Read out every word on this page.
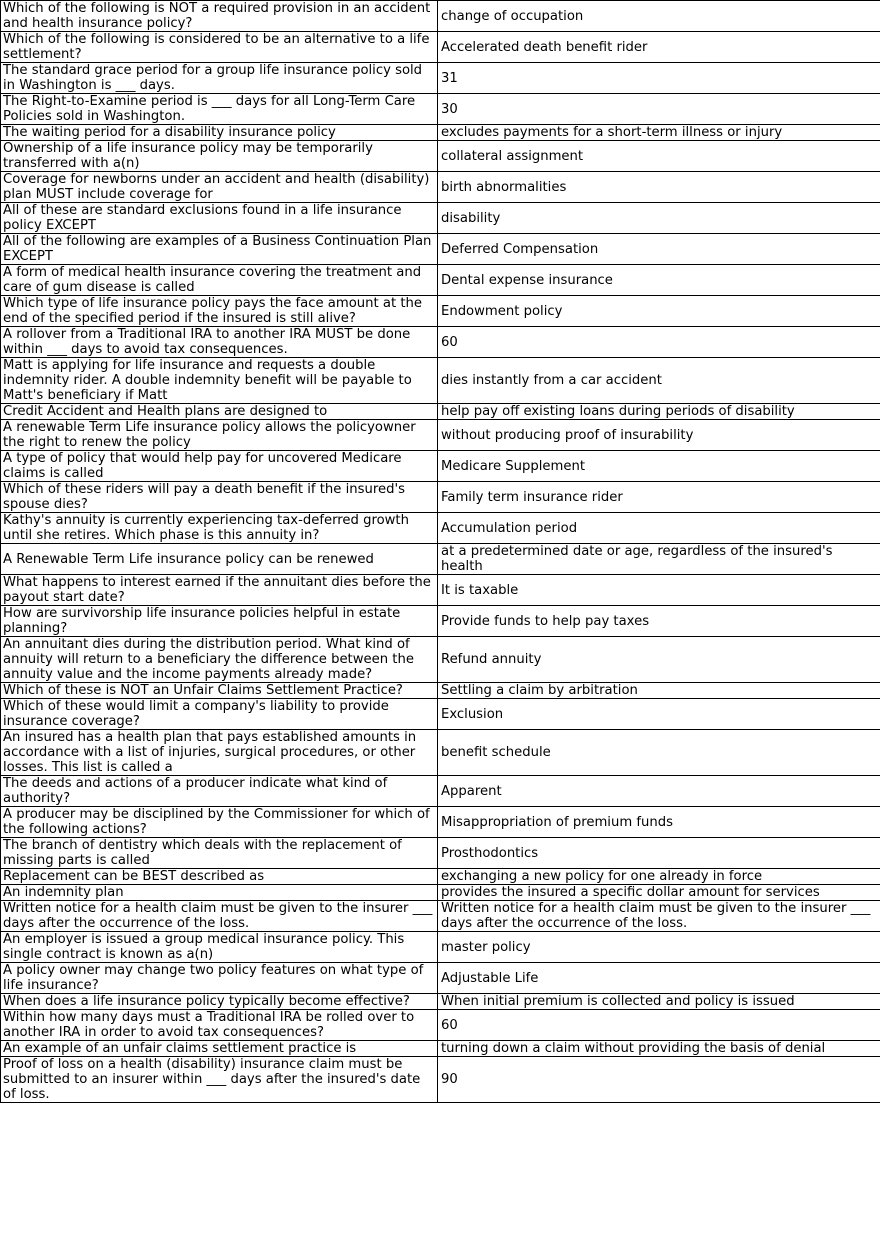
Which of the following is NOT a required provision in an accident and health insurance policy?	change of occupation
Which of the following is considered to be an alternative to a life settlement?	Accelerated death benefit rider
The standard grace period for a group life insurance policy sold in Washington is ___ days.	31
The Right-to-Examine period is ___ days for all Long-Term Care Policies sold in Washington.	30
The waiting period for a disability insurance policy	excludes payments for a short-term illness or injury
Ownership of a life insurance policy may be temporarily transferred with a(n)	collateral assignment
Coverage for newborns under an accident and health (disability) plan MUST include coverage for	birth abnormalities
All of these are standard exclusions found in a life insurance policy EXCEPT	disability
All of the following are examples of a Business Continuation Plan EXCEPT	Deferred Compensation
A form of medical health insurance covering the treatment and care of gum disease is called	Dental expense insurance
Which type of life insurance policy pays the face amount at the end of the specified period if the insured is still alive?	Endowment policy
A rollover from a Traditional IRA to another IRA MUST be done within ___ days to avoid tax consequences.	60
Matt is applying for life insurance and requests a double indemnity rider. A double indemnity benefit will be payable to Matt's beneficiary if Matt	dies instantly from a car accident
Credit Accident and Health plans are designed to	help pay off existing loans during periods of disability
A renewable Term Life insurance policy allows the policyowner the right to renew the policy	without producing proof of insurability
A type of policy that would help pay for uncovered Medicare claims is called	Medicare Supplement
Which of these riders will pay a death benefit if the insured's spouse dies?	Family term insurance rider
Kathy's annuity is currently experiencing tax-deferred growth until she retires. Which phase is this annuity in?	Accumulation period
A Renewable Term Life insurance policy can be renewed	at a predetermined date or age, regardless of the insured's health
What happens to interest earned if the annuitant dies before the payout start date?	It is taxable
How are survivorship life insurance policies helpful in estate planning?	Provide funds to help pay taxes
An annuitant dies during the distribution period. What kind of annuity will return to a beneficiary the difference between the annuity value and the income payments already made?	Refund annuity
Which of these is NOT an Unfair Claims Settlement Practice?	Settling a claim by arbitration
Which of these would limit a company's liability to provide insurance coverage?	Exclusion
An insured has a health plan that pays established amounts in accordance with a list of injuries, surgical procedures, or other losses. This list is called a	benefit schedule
The deeds and actions of a producer indicate what kind of authority?	Apparent
A producer may be disciplined by the Commissioner for which of the following actions?	Misappropriation of premium funds
The branch of dentistry which deals with the replacement of missing parts is called	Prosthodontics
Replacement can be BEST described as	exchanging a new policy for one already in force
An indemnity plan	provides the insured a specific dollar amount for services
Written notice for a health claim must be given to the insurer ___ days after the occurrence of the loss.	Written notice for a health claim must be given to the insurer ___ days after the occurrence of the loss.
An employer is issued a group medical insurance policy. This single contract is known as a(n)	master policy
A policy owner may change two policy features on what type of life insurance?	Adjustable Life
When does a life insurance policy typically become effective?	When initial premium is collected and policy is issued
Within how many days must a Traditional IRA be rolled over to another IRA in order to avoid tax consequences?	60
An example of an unfair claims settlement practice is	turning down a claim without providing the basis of denial
Proof of loss on a health (disability) insurance claim must be submitted to an insurer within ___ days after the insured's date of loss.	90
